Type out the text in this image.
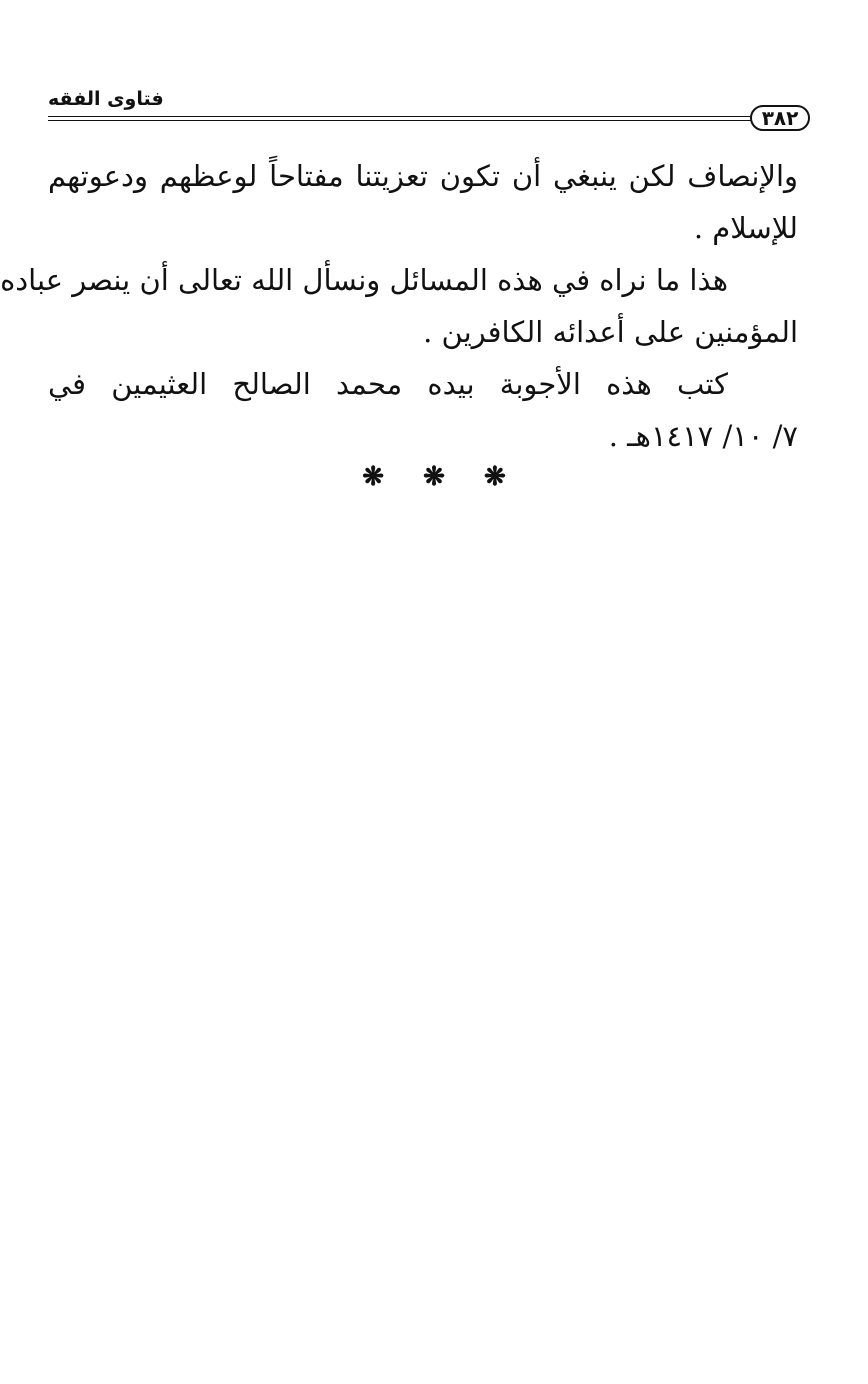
فتاوى الفقه
٣٨٢

والإنصاف لكن ينبغي أن تكون تعزيتنا مفتاحاً لوعظهم ودعوتهم
للإسلام .

هذا ما نراه في هذه المسائل ونسأل الله تعالى أن ينصر عباده
المؤمنين على أعدائه الكافرين .

كتب هذه الأجوبة بيده محمد الصالح العثيمين في
٧/ ١٠/ ١٤١٧هـ .

❋ ❋ ❋
